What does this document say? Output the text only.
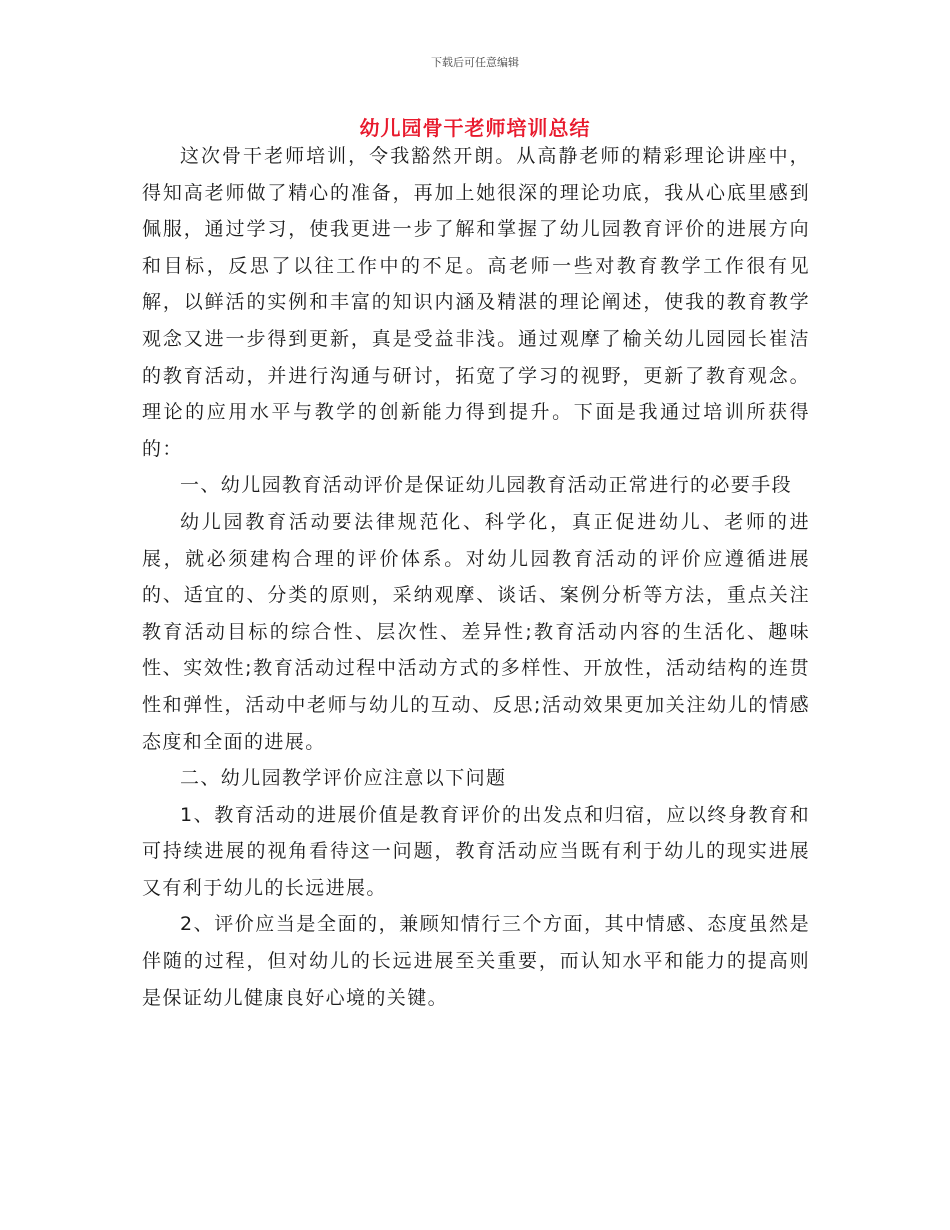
下载后可任意编辑
幼儿园骨干老师培训总结

这次骨干老师培训，令我豁然开朗。从高静老师的精彩理论讲座中，得知高老师做了精心的准备，再加上她很深的理论功底，我从心底里感到佩服，通过学习，使我更进一步了解和掌握了幼儿园教育评价的进展方向和目标，反思了以往工作中的不足。高老师一些对教育教学工作很有见解，以鲜活的实例和丰富的知识内涵及精湛的理论阐述，使我的教育教学观念又进一步得到更新，真是受益非浅。通过观摩了榆关幼儿园园长崔洁的教育活动，并进行沟通与研讨，拓宽了学习的视野，更新了教育观念。理论的应用水平与教学的创新能力得到提升。下面是我通过培训所获得的：

一、幼儿园教育活动评价是保证幼儿园教育活动正常进行的必要手段

幼儿园教育活动要法律规范化、科学化，真正促进幼儿、老师的进展，就必须建构合理的评价体系。对幼儿园教育活动的评价应遵循进展的、适宜的、分类的原则，采纳观摩、谈话、案例分析等方法，重点关注教育活动目标的综合性、层次性、差异性;教育活动内容的生活化、趣味性、实效性;教育活动过程中活动方式的多样性、开放性，活动结构的连贯性和弹性，活动中老师与幼儿的互动、反思;活动效果更加关注幼儿的情感态度和全面的进展。

二、幼儿园教学评价应注意以下问题

1、教育活动的进展价值是教育评价的出发点和归宿，应以终身教育和可持续进展的视角看待这一问题，教育活动应当既有利于幼儿的现实进展又有利于幼儿的长远进展。

2、评价应当是全面的，兼顾知情行三个方面，其中情感、态度虽然是伴随的过程，但对幼儿的长远进展至关重要，而认知水平和能力的提高则是保证幼儿健康良好心境的关键。
